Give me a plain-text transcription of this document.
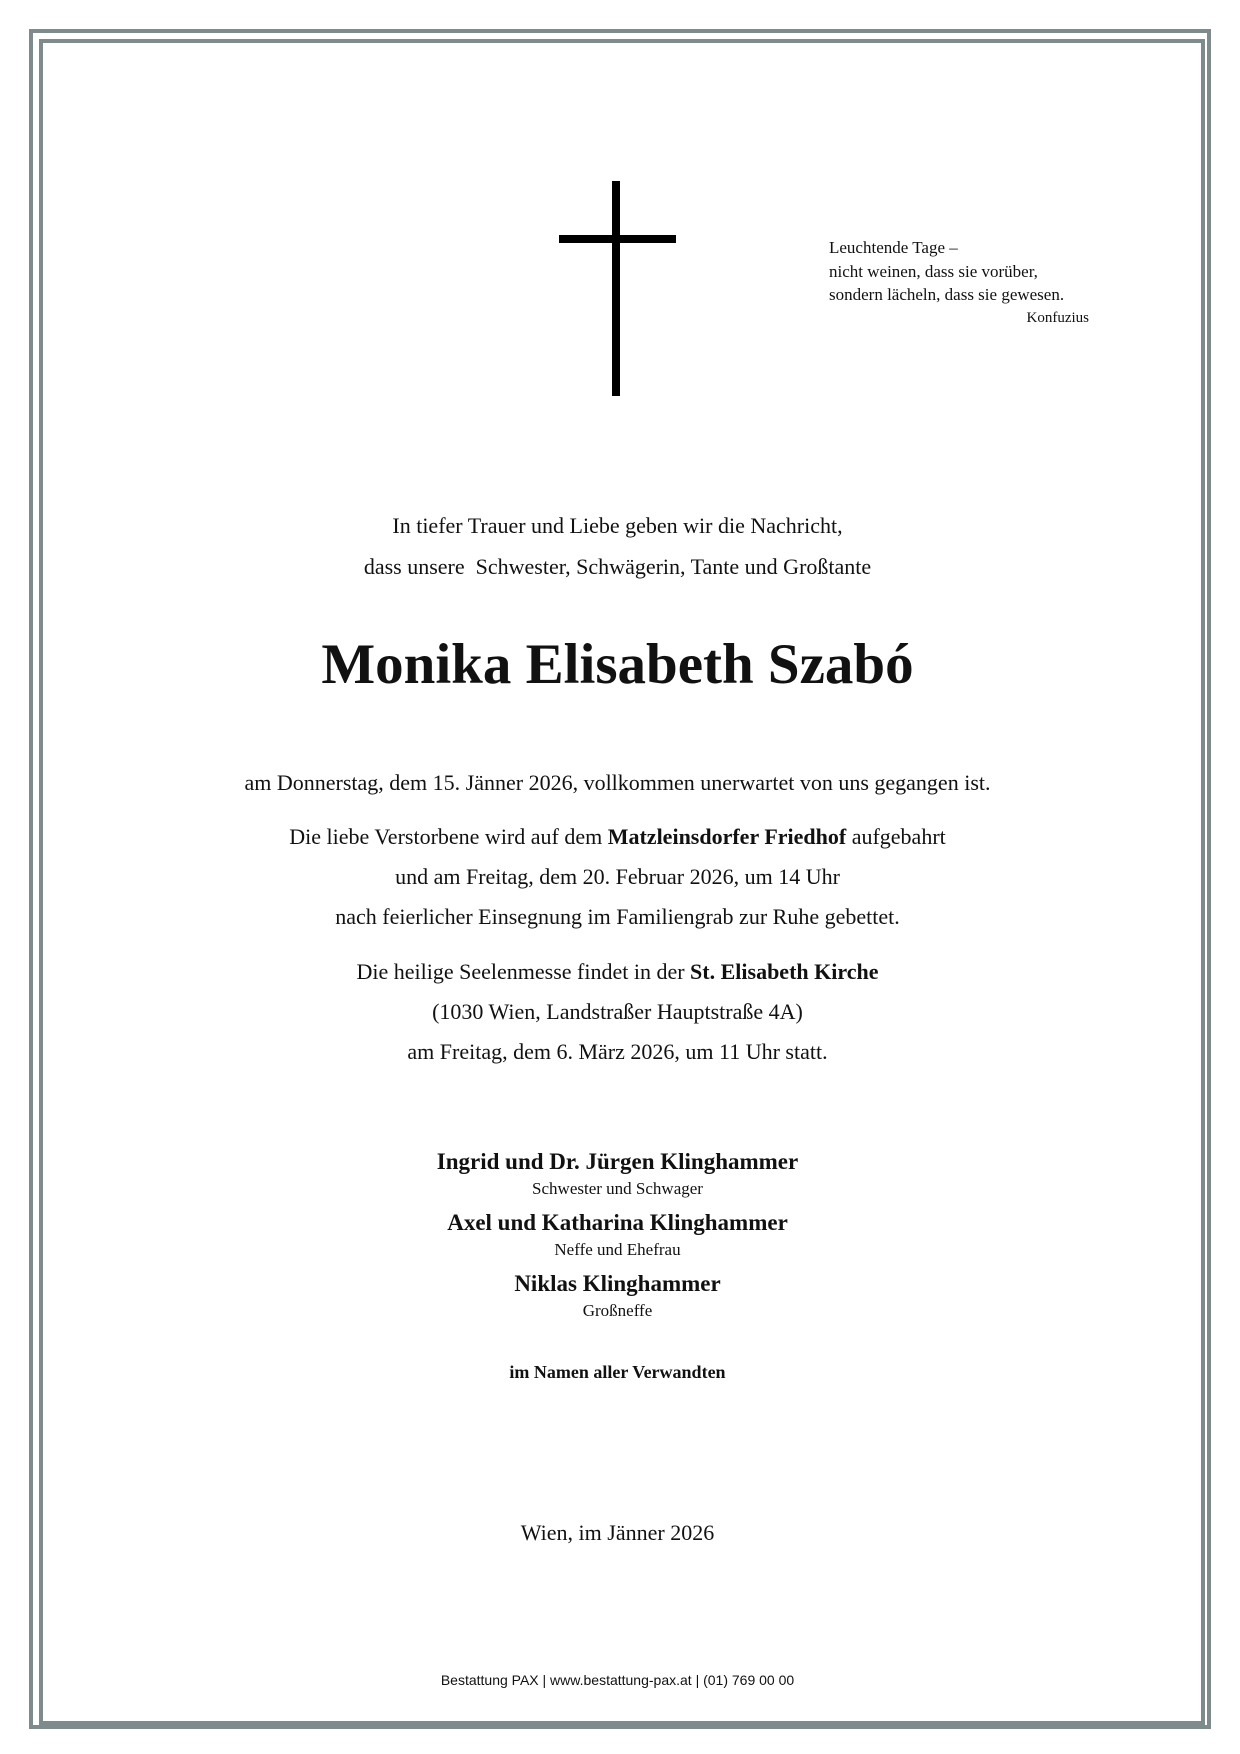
Leuchtende Tage –
nicht weinen, dass sie vorüber,
sondern lächeln, dass sie gewesen.
Konfuzius
In tiefer Trauer und Liebe geben wir die Nachricht,
dass unsere  Schwester, Schwägerin, Tante und Großtante
Monika Elisabeth Szabó
am Donnerstag, dem 15. Jänner 2026, vollkommen unerwartet von uns gegangen ist.
Die liebe Verstorbene wird auf dem Matzleinsdorfer Friedhof aufgebahrt
und am Freitag, dem 20. Februar 2026, um 14 Uhr
nach feierlicher Einsegnung im Familiengrab zur Ruhe gebettet.
Die heilige Seelenmesse findet in der St. Elisabeth Kirche
(1030 Wien, Landstraßer Hauptstraße 4A)
am Freitag, dem 6. März 2026, um 11 Uhr statt.
Ingrid und Dr. Jürgen Klinghammer
Schwester und Schwager
Axel und Katharina Klinghammer
Neffe und Ehefrau
Niklas Klinghammer
Großneffe
im Namen aller Verwandten
Wien, im Jänner 2026
Bestattung PAX | www.bestattung-pax.at | (01) 769 00 00
